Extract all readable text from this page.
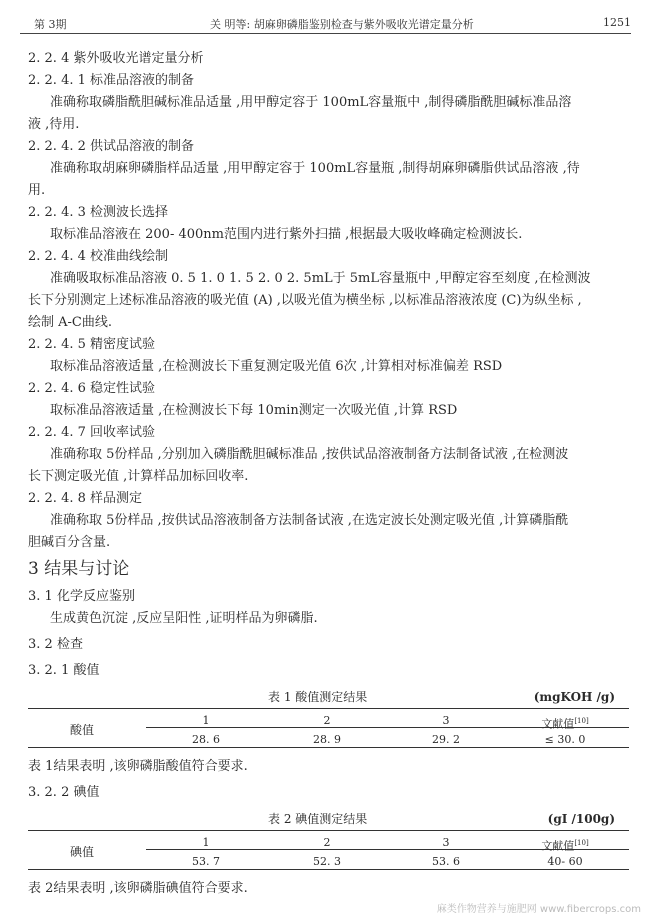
第 3期	关 明等: 胡麻卵磷脂鉴别检查与紫外吸收光谱定量分析	1251
2. 2. 4 紫外吸收光谱定量分析
2. 2. 4. 1 标准品溶液的制备
准确称取磷脂酰胆碱标准品适量 ,用甲醇定容于 100mL容量瓶中 ,制得磷脂酰胆碱标准品溶
液 ,待用.
2. 2. 4. 2 供试品溶液的制备
准确称取胡麻卵磷脂样品适量 ,用甲醇定容于 100mL容量瓶 ,制得胡麻卵磷脂供试品溶液 ,待
用.
2. 2. 4. 3 检测波长选择
取标准品溶液在 200- 400nm范围内进行紫外扫描 ,根据最大吸收峰确定检测波长.
2. 2. 4. 4 校准曲线绘制
准确吸取标准品溶液 0. 5 1. 0 1. 5 2. 0 2. 5mL于 5mL容量瓶中 ,甲醇定容至刻度 ,在检测波
长下分别测定上述标准品溶液的吸光值 (A) ,以吸光值为横坐标 ,以标准品溶液浓度 (C)为纵坐标 ,
绘制 A-C曲线.
2. 2. 4. 5 精密度试验
取标准品溶液适量 ,在检测波长下重复测定吸光值 6次 ,计算相对标准偏差 RSD
2. 2. 4. 6 稳定性试验
取标准品溶液适量 ,在检测波长下每 10min测定一次吸光值 ,计算 RSD
2. 2. 4. 7 回收率试验
准确称取 5份样品 ,分别加入磷脂酰胆碱标准品 ,按供试品溶液制备方法制备试液 ,在检测波
长下测定吸光值 ,计算样品加标回收率.
2. 2. 4. 8 样品测定
准确称取 5份样品 ,按供试品溶液制备方法制备试液 ,在选定波长处测定吸光值 ,计算磷脂酰
胆碱百分含量.
3 结果与讨论
3. 1 化学反应鉴别
生成黄色沉淀 ,反应呈阳性 ,证明样品为卵磷脂.
3. 2 检查
3. 2. 1 酸值
表 1 酸值测定结果	(mgKOH /g)
酸值
1	2	3	文献值[10]
28. 6	28. 9	29. 2	≤ 30. 0
表 1结果表明 ,该卵磷脂酸值符合要求.
3. 2. 2 碘值
表 2 碘值测定结果	(gI /100g)
碘值
1	2	3	文献值[10]
53. 7	52. 3	53. 6	40- 60
表 2结果表明 ,该卵磷脂碘值符合要求.
麻类作物营养与施肥网 www.fibercrops.com
